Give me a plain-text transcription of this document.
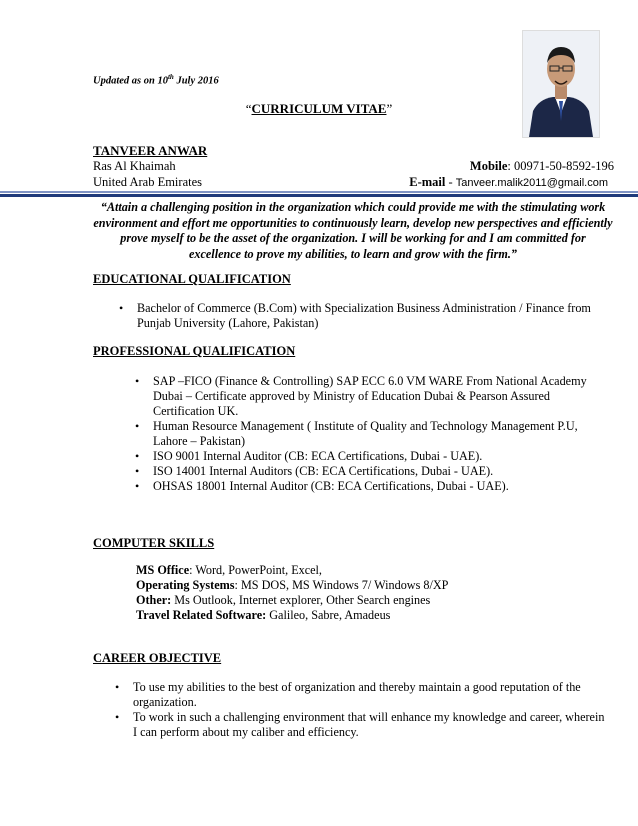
Updated as on 10th July 2016
“CURRICULUM VITAE”
TANVEER ANWAR
Ras Al Khaimah
United Arab Emirates
Mobile: 00971-50-8592-196
E-mail - Tanveer.malik2011@gmail.com
“Attain a challenging position in the organization which could provide me with the stimulating work environment and effort me opportunities to continuously learn, develop new perspectives and efficiently prove myself to be the asset of the organization. I will be working for and I am committed for excellence to prove my abilities, to learn and grow with the firm.”
EDUCATIONAL QUALIFICATION
• Bachelor of Commerce (B.Com) with Specialization Business Administration / Finance from Punjab University (Lahore, Pakistan)
PROFESSIONAL QUALIFICATION
• SAP –FICO (Finance & Controlling) SAP ECC 6.0 VM WARE From National Academy Dubai – Certificate approved by Ministry of Education Dubai & Pearson Assured Certification UK.
• Human Resource Management ( Institute of Quality and Technology Management P.U, Lahore – Pakistan)
• ISO 9001 Internal Auditor (CB: ECA Certifications, Dubai - UAE).
• ISO 14001 Internal Auditors (CB: ECA Certifications, Dubai - UAE).
• OHSAS 18001 Internal Auditor (CB: ECA Certifications, Dubai - UAE).
COMPUTER SKILLS
MS Office: Word, PowerPoint, Excel,
Operating Systems: MS DOS, MS Windows 7/ Windows 8/XP
Other: Ms Outlook, Internet explorer, Other Search engines
Travel Related Software: Galileo, Sabre, Amadeus
CAREER OBJECTIVE
• To use my abilities to the best of organization and thereby maintain a good reputation of the organization.
• To work in such a challenging environment that will enhance my knowledge and career, wherein I can perform about my caliber and efficiency.
